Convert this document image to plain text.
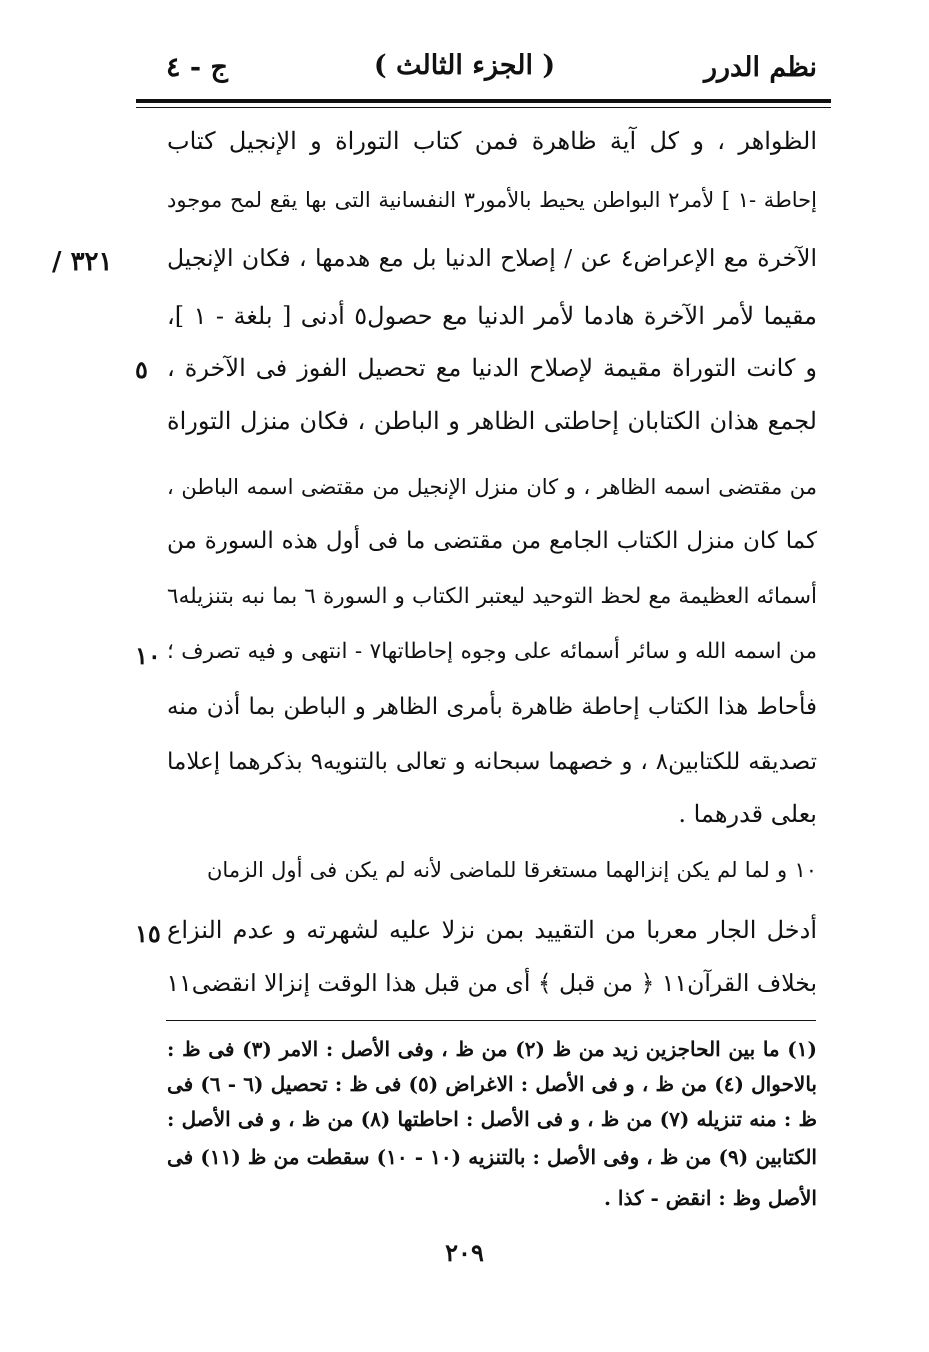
نظم الدرر
( الجزء الثالث )
ج - ٤
٣٢١ /
الظواهر ، و كل آية ظاهرة فمن كتاب التوراة و الإنجيل كتاب
إحاطة -١ ] لأمر٢ البواطن يحيط بالأمور٣ النفسانية التى بها يقع لمح موجود
الآخرة مع الإعراض٤ عن / إصلاح الدنيا بل مع هدمها ، فكان الإنجيل
مقيما لأمر الآخرة هادما لأمر الدنيا مع حصول٥ أدنى [ بلغة - ١ ]،
و كانت التوراة مقيمة لإصلاح الدنيا مع تحصيل الفوز فى الآخرة ،
لجمع هذان الكتابان إحاطتى الظاهر و الباطن ، فكان منزل التوراة
من مقتضى اسمه الظاهر ، و كان منزل الإنجيل من مقتضى اسمه الباطن ،
كما كان منزل الكتاب الجامع من مقتضى ما فى أول هذه السورة من
أسمائه العظيمة مع لحظ التوحيد ليعتبر الكتاب و السورة ٦ بما نبه بتنزيله٦
من اسمه الله و سائر أسمائه على وجوه إحاطاتها٧ - انتهى و فيه تصرف ؛
فأحاط هذا الكتاب إحاطة ظاهرة بأمرى الظاهر و الباطن بما أذن منه
تصديقه للكتابين٨ ، و خصهما سبحانه و تعالى بالتنويه٩ بذكرهما إعلاما
بعلى قدرهما .
١٠ و لما لم يكن إنزالهما مستغرقا للماضى لأنه لم يكن فى أول الزمان
أدخل الجار معربا من التقييد بمن نزلا عليه لشهرته و عدم النزاع
بخلاف القرآن١١ ﴿ من قبل ﴾ أى من قبل هذا الوقت إنزالا انقضى١١
٥
١٠
١٥
(١) ما بين الحاجزين زيد من ظ (٢) من ظ ، وفى الأصل : الامر (٣) فى ظ :
بالاحوال (٤) من ظ ، و فى الأصل : الاغراض (٥) فى ظ : تحصيل (٦ - ٦) فى
ظ : منه تنزيله (٧) من ظ ، و فى الأصل : احاطتها (٨) من ظ ، و فى الأصل :
الكتابين (٩) من ظ ، وفى الأصل : بالتنزيه (١٠ - ١٠) سقطت من ظ (١١) فى
الأصل وظ : انقض - كذا .
٢٠٩
